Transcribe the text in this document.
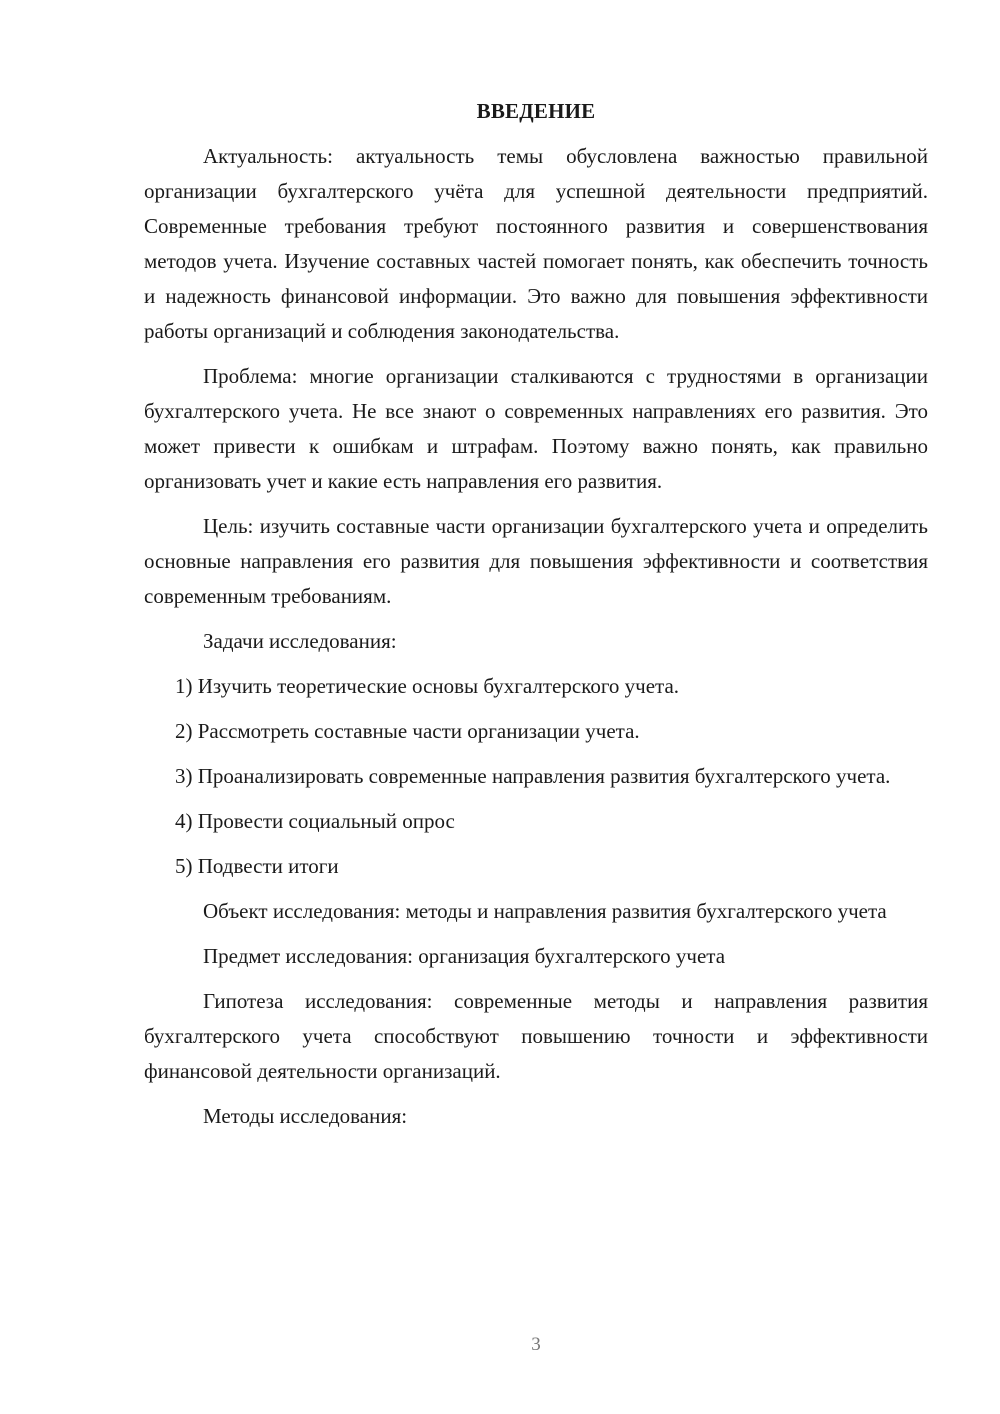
ВВЕДЕНИЕ

Актуальность: актуальность темы обусловлена важностью правильной организации бухгалтерского учёта для успешной деятельности предприятий. Современные требования требуют постоянного развития и совершенствования методов учета. Изучение составных частей помогает понять, как обеспечить точность и надежность финансовой информации. Это важно для повышения эффективности работы организаций и соблюдения законодательства.

Проблема: многие организации сталкиваются с трудностями в организации бухгалтерского учета. Не все знают о современных направлениях его развития. Это может привести к ошибкам и штрафам. Поэтому важно понять, как правильно организовать учет и какие есть направления его развития.

Цель: изучить составные части организации бухгалтерского учета и определить основные направления его развития для повышения эффективности и соответствия современным требованиям.

Задачи исследования:

1) Изучить теоретические основы бухгалтерского учета.

2) Рассмотреть составные части организации учета.

3) Проанализировать современные направления развития бухгалтерского учета.

4) Провести социальный опрос

5) Подвести итоги

Объект исследования: методы и направления развития бухгалтерского учета

Предмет исследования: организация бухгалтерского учета

Гипотеза исследования: современные методы и направления развития бухгалтерского учета способствуют повышению точности и эффективности финансовой деятельности организаций.

Методы исследования:

3
